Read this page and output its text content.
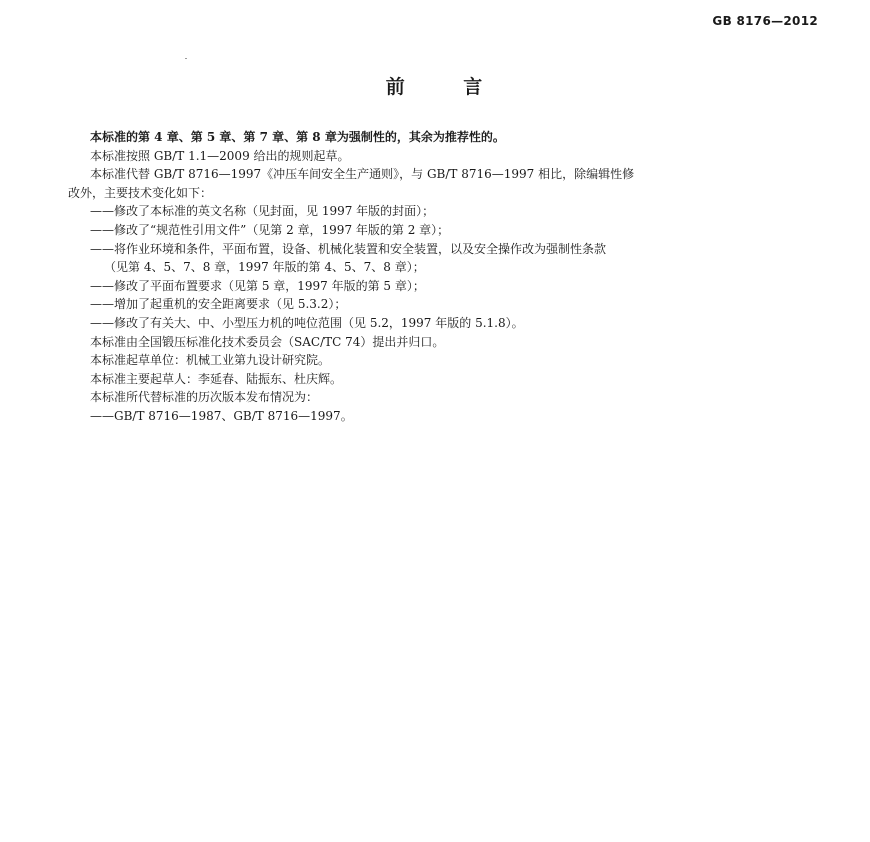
GB 8176—2012
前 言
本标准的第 4 章、第 5 章、第 7 章、第 8 章为强制性的，其余为推荐性的。
本标准按照 GB/T 1.1—2009 给出的规则起草。
本标准代替 GB/T 8716—1997《冲压车间安全生产通则》，与 GB/T 8716—1997 相比，除编辑性修
改外，主要技术变化如下：
——修改了本标准的英文名称（见封面，见 1997 年版的封面）；
——修改了“规范性引用文件”（见第 2 章，1997 年版的第 2 章）；
——将作业环境和条件，平面布置，设备、机械化装置和安全装置，以及安全操作改为强制性条款
（见第 4、5、7、8 章，1997 年版的第 4、5、7、8 章）；
——修改了平面布置要求（见第 5 章，1997 年版的第 5 章）；
——增加了起重机的安全距离要求（见 5.3.2）；
——修改了有关大、中、小型压力机的吨位范围（见 5.2，1997 年版的 5.1.8）。
本标准由全国锻压标准化技术委员会（SAC/TC 74）提出并归口。
本标准起草单位：机械工业第九设计研究院。
本标准主要起草人：李延春、陆振东、杜庆辉。
本标准所代替标准的历次版本发布情况为：
——GB/T 8716—1987、GB/T 8716—1997。
